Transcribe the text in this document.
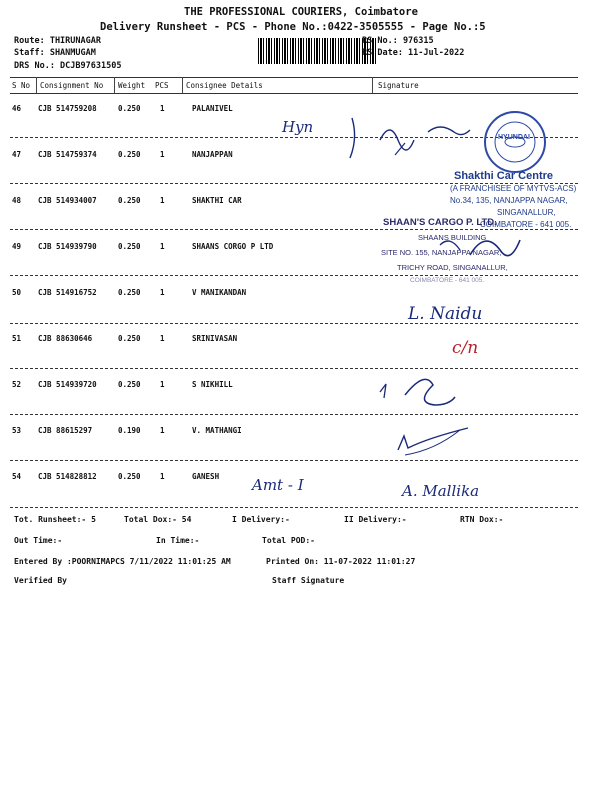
THE PROFESSIONAL COURIERS, Coimbatore
Delivery Runsheet - PCS - Phone No.:0422-3505555 - Page No.:5
Route: THIRUNAGAR
Staff: SHANMUGAM
DRS No.: DCJB97631505
RS No.: 976315
RS Date: 11-Jul-2022
S No Consignment No Weight PCS Consignee Details	Signature
46 CJB 514759208	0.250	1	PALANIVEL
47 CJB 514759374	0.250	1	NANJAPPAN
48 CJB 514934007	0.250	1	SHAKTHI CAR
49 CJB 514939790	0.250	1	SHAANS CORGO P LTD
50 CJB 514916752	0.250	1	V MANIKANDAN
51 CJB 88630646	0.250	1	SRINIVASAN
52 CJB 514939720	0.250	1	S NIKHILL
53 CJB 88615297	0.190	1	V. MATHANGI
54 CJB 514828812	0.250	1	GANESH
Shakthi Car Centre
(A FRANCHISEE OF MYTVS-ACS)
No.34, 135, NANJAPPA NAGAR,
SINGANALLUR,
COIMBATORE - 641 005.
SHAAN'S CARGO P. LTD.
SHAANS BUILDING
SITE NO. 155, NANJAPPA NAGAR,
TRICHY ROAD, SINGANALLUR,
COIMBATORE - 641 005.
HYUNDAI
Hyn
L. Naidu
c/n
Amt - I	A. Mallika
Tot. Runsheet:- 5	Total Dox:- 54	I Delivery:-	II Delivery:-	RTN Dox:-
Out Time:-	In Time:-	Total POD:-
Entered By :POORNIMAPCS 7/11/2022 11:01:25 AM	Printed On: 11-07-2022 11:01:27
Verified By	Staff Signature
